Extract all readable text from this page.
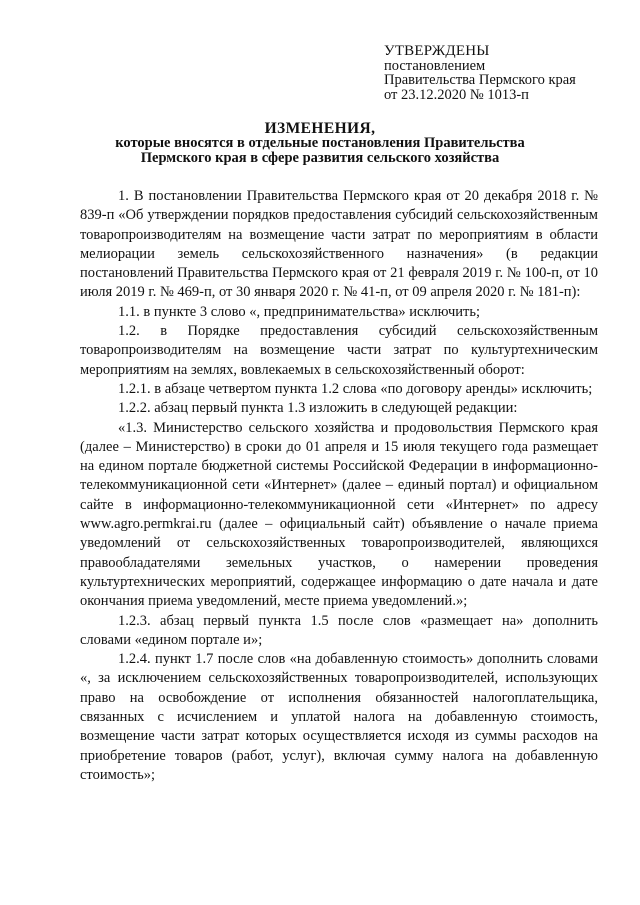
УТВЕРЖДЕНЫ
постановлением
Правительства Пермского края
от 23.12.2020 № 1013-п
ИЗМЕНЕНИЯ,
которые вносятся в отдельные постановления Правительства
Пермского края в сфере развития сельского хозяйства

1. В постановлении Правительства Пермского края от 20 декабря 2018 г. № 839-п «Об утверждении порядков предоставления субсидий сельскохозяйственным товаропроизводителям на возмещение части затрат по мероприятиям в области мелиорации земель сельскохозяйственного назначения» (в редакции постановлений Правительства Пермского края от 21 февраля 2019 г. № 100-п, от 10 июля 2019 г. № 469-п, от 30 января 2020 г. № 41-п, от 09 апреля 2020 г. № 181-п):

1.1. в пункте 3 слово «, предпринимательства» исключить;

1.2. в Порядке предоставления субсидий сельскохозяйственным товаропроизводителям на возмещение части затрат по культуртехническим мероприятиям на землях, вовлекаемых в сельскохозяйственный оборот:

1.2.1. в абзаце четвертом пункта 1.2 слова «по договору аренды» исключить;

1.2.2. абзац первый пункта 1.3 изложить в следующей редакции:

«1.3. Министерство сельского хозяйства и продовольствия Пермского края (далее – Министерство) в сроки до 01 апреля и 15 июля текущего года размещает на едином портале бюджетной системы Российской Федерации в информационно-телекоммуникационной сети «Интернет» (далее – единый портал) и официальном сайте в информационно-телекоммуникационной сети «Интернет» по адресу www.agro.permkrai.ru (далее – официальный сайт) объявление о начале приема уведомлений от сельскохозяйственных товаропроизводителей, являющихся правообладателями земельных участков, о намерении проведения культуртехнических мероприятий, содержащее информацию о дате начала и дате окончания приема уведомлений, месте приема уведомлений.»;

1.2.3. абзац первый пункта 1.5 после слов «размещает на» дополнить словами «едином портале и»;

1.2.4. пункт 1.7 после слов «на добавленную стоимость» дополнить словами «, за исключением сельскохозяйственных товаропроизводителей, использующих право на освобождение от исполнения обязанностей налогоплательщика, связанных с исчислением и уплатой налога на добавленную стоимость, возмещение части затрат которых осуществляется исходя из суммы расходов на приобретение товаров (работ, услуг), включая сумму налога на добавленную стоимость»;
